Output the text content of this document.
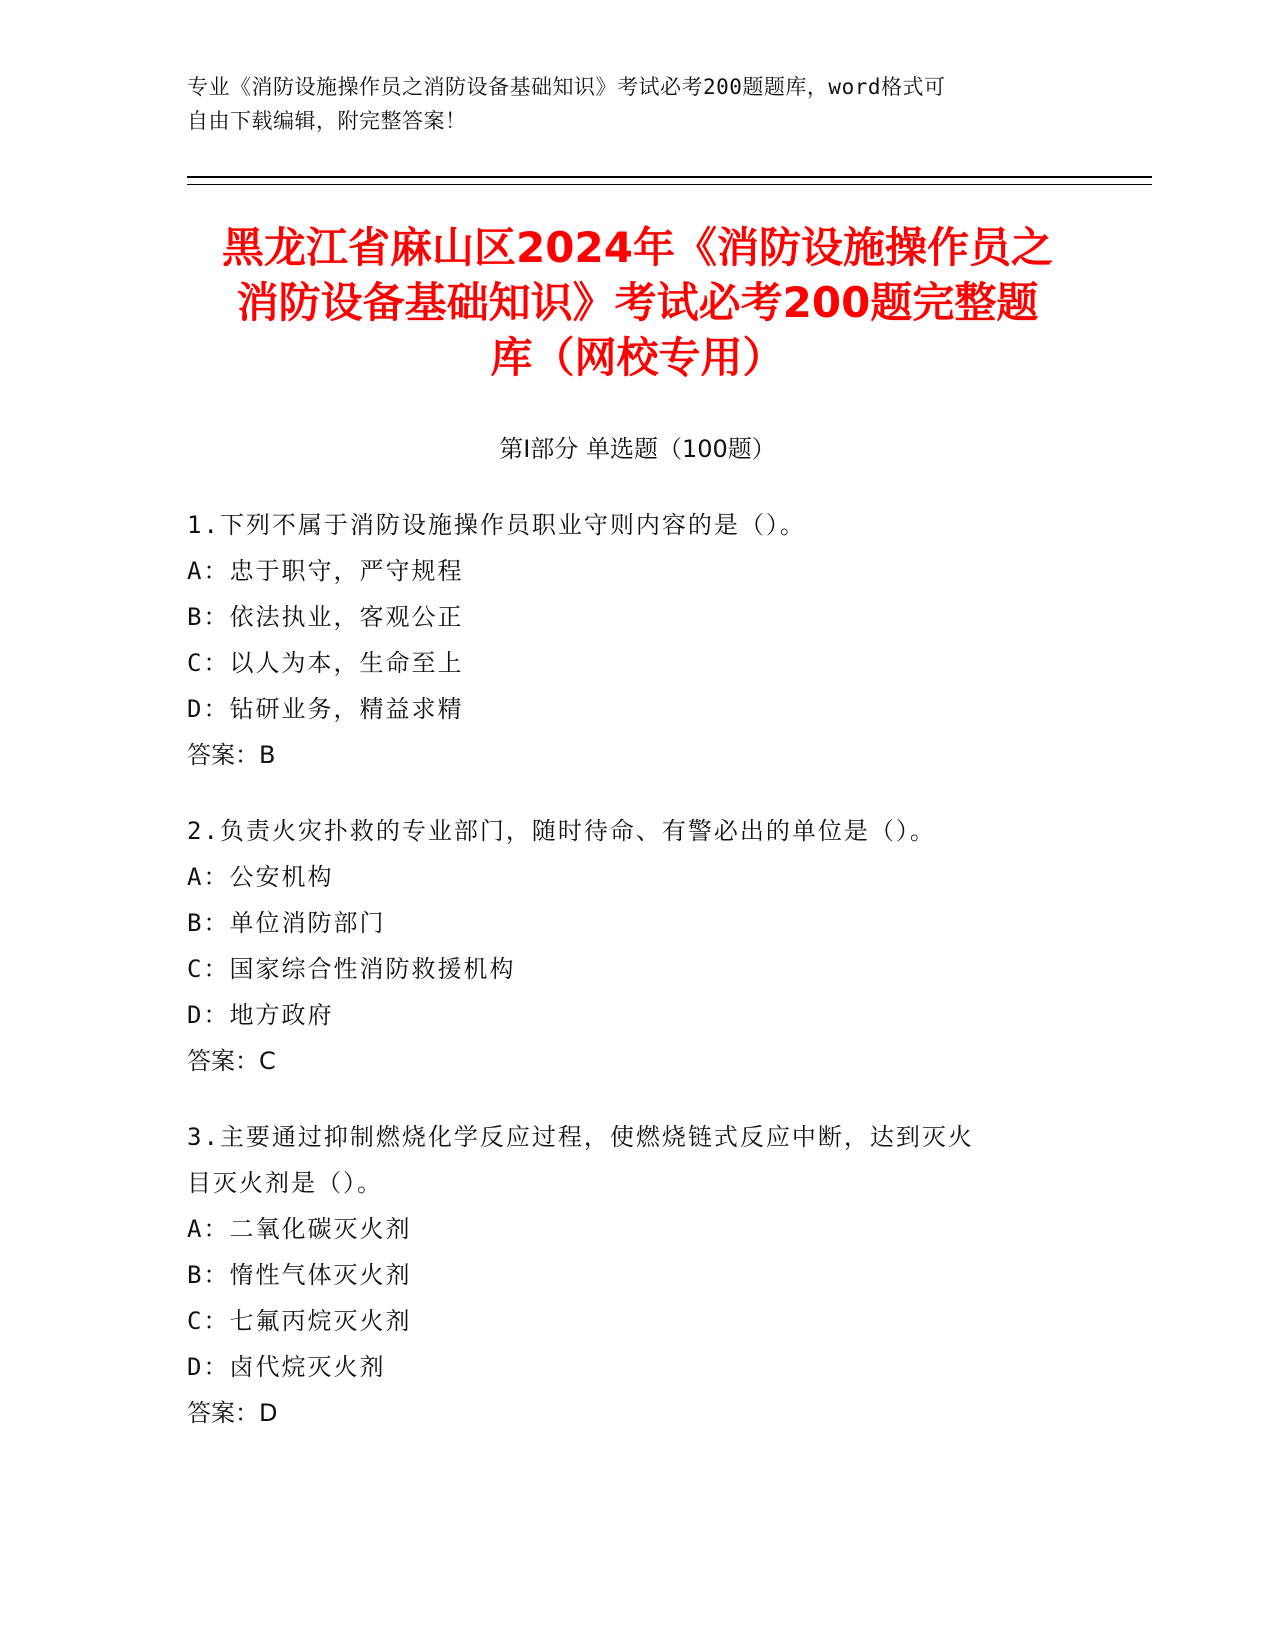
专业《消防设施操作员之消防设备基础知识》考试必考200题题库，word格式可
自由下载编辑，附完整答案！
黑龙江省麻山区2024年《消防设施操作员之
消防设备基础知识》考试必考200题完整题
库（网校专用）
第Ⅰ部分 单选题（100题）

1.下列不属于消防设施操作员职业守则内容的是（）。

A：忠于职守，严守规程

B：依法执业，客观公正

C：以人为本，生命至上

D：钻研业务，精益求精

答案：B

2.负责火灾扑救的专业部门，随时待命、有警必出的单位是（）。

A：公安机构

B：单位消防部门

C：国家综合性消防救援机构

D：地方政府

答案：C

3.主要通过抑制燃烧化学反应过程，使燃烧链式反应中断，达到灭火

目灭火剂是（）。

A：二氧化碳灭火剂

B：惰性气体灭火剂

C：七氟丙烷灭火剂

D：卤代烷灭火剂

答案：D
